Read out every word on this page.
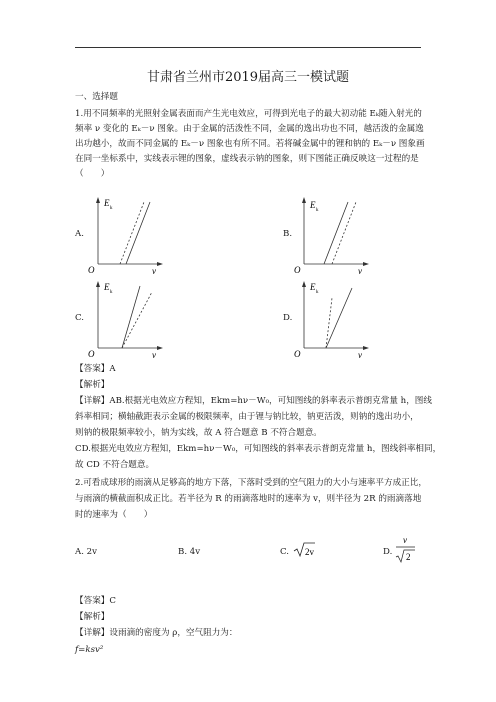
甘肃省兰州市2019届高三一模试题
一、选择题
1.用不同频率的光照射金属表面而产生光电效应，可得到光电子的最大初动能 Eₖ随入射光的
频率 ν 变化的 Eₖ－ν 图象。由于金属的活泼性不同，金属的逸出功也不同，越活泼的金属逸
出功越小，故而不同金属的 Eₖ－ν 图象也有所不同。若将碱金属中的锂和钠的 Eₖ－ν 图象画
在同一坐标系中，实线表示锂的图象，虚线表示钠的图象，则下图能正确反映这一过程的是
（　　）
A.
E
k
O	ν
B.
E
k
O	ν
C.
E
k
O	ν
D.
E
k
O	ν
【答案】A
【解析】
【详解】AB.根据光电效应方程知，Ekm=hν－W₀，可知图线的斜率表示普朗克常量 h，图线
斜率相同；横轴截距表示金属的极限频率，由于锂与钠比较，钠更活泼，则钠的逸出功小，
则钠的极限频率较小，钠为实线，故 A 符合题意 B 不符合题意。
CD.根据光电效应方程知，Ekm=hν－W₀，可知图线的斜率表示普朗克常量 h，图线斜率相同，
故 CD 不符合题意。
2.可看成球形的雨滴从足够高的地方下落，下落时受到的空气阻力的大小与速率平方成正比，
与雨滴的横截面积成正比。若半径为 R 的雨滴落地时的速率为 v，则半径为 2R 的雨滴落地
时的速率为（　　）
A. 2v	B. 4v	C. 2v	D.
v
2
【答案】C
【解析】
【详解】设雨滴的密度为 ρ，空气阻力为：
f=ksv²
